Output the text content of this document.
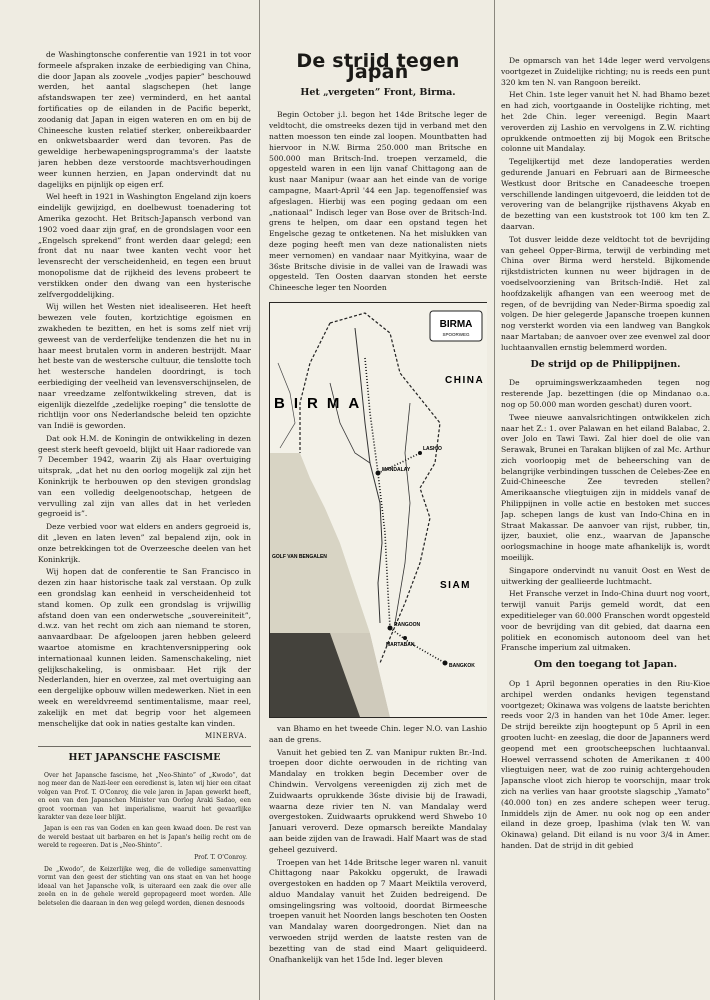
de Washingtonsche conferentie van 1921 in tot voor formeele afspraken inzake de eerbiediging van China, die door Japan als zoovele „vodjes papier” beschouwd werden, het aantal slagschepen (het lange afstandswapen ter zee) verminderd, en het aantal fortificaties op de eilanden in de Pacific beperkt, zoodanig dat Japan in eigen wateren en om en bij de Chineesche kusten relatief sterker, onbereikbaarder en onkwetsbaarder werd dan tevoren. Pas de geweldige herbewapeningsprogramma's der laatste jaren hebben deze verstoorde machtsverhoudingen weer kunnen herzien, en Japan ondervindt dat nu dagelijks en pijnlijk op eigen erf.

Wel heeft in 1921 in Washington Engeland zijn koers eindelijk gewijzigd, en doelbewust toenadering tot Amerika gezocht. Het Britsch-Japansch verbond van 1902 voed daar zijn graf, en de grondslagen voor een „Engelsch sprekend” front werden daar gelegd; een front dat nu naar twee kanten vecht voor het levensrecht der verscheidenheid, en tegen een bruut monopolisme dat de rijkheid des levens probeert te verstikken onder den dwang van een hysterische zelfvergoddelijking.

Wij willen het Westen niet idealiseeren. Het heeft bewezen vele fouten, kortzichtige egoismen en zwakheden te bezitten, en het is soms zelf niet vrij geweest van de verderfelijke tendenzen die het nu in haar meest brutalen vorm in anderen bestrijdt. Maar het beste van de westersche cultuur, die tenslotte toch het westersche handelen doordringt, is toch eerbiediging der veelheid van levensverschijnselen, de naar vreedzame zelfontwikkeling streven, dat is eigenlijk diezelfde „zedelijke roeping” die tenslotte de richtlijn voor ons Nederlandsche beleid ten opzichte van Indië is geworden.

Dat ook H.M. de Koningin de ontwikkeling in dezen geest sterk heeft gevoeld, blijkt uit Haar radiorede van 7 December 1942, waarin Zij als Haar overtuiging uitsprak, „dat het nu den oorlog mogelijk zal zijn het Koninkrijk te herbouwen op den stevigen grondslag van een volledig deelgenootschap, hetgeen de vervulling zal zijn van alles dat in het verleden gegroeid is”.

Deze verbied voor wat elders en anders gegroeid is, dit „leven en laten leven” zal bepalend zijn, ook in onze betrekkingen tot de Overzeesche deelen van het Koninkrijk.

Wij hopen dat de conferentie te San Francisco in dezen zin haar historische taak zal verstaan. Op zulk een grondslag kan eenheid in verscheidenheid tot stand komen. Op zulk een grondslag is vrijwillig afstand doen van een onderwetsche „souvereiniteit”, d.w.z. van het recht om zich aan niemand te storen, aanvaardbaar. De afgeloopen jaren hebben geleerd waartoe atomisme en krachtenversnippering ook internationaal kunnen leiden. Samenschakeling, niet gelijkschakeling, is onmisbaar. Het rijk der Nederlanden, hier en overzee, zal met overtuiging aan een dergelijke opbouw willen medewerken. Niet in een week en wereldvreemd sentimentalisme, maar reel, zakelijk en met dat begrip voor het algemeen menschelijke dat ook in naties gestalte kan vinden.

MINERVA.
HET JAPANSCHE FASCISME

Over het Japansche fascisme, het „Neo-Shinto” of „Kwodo”, dat nog meer dan de Nazi-leer een eeredienst is, laten wij hier een citaat volgen van Prof. T. O'Conroy, die vele jaren in Japan gewerkt heeft, en een van den Japanschen Minister van Oorlog Araki Sadao, een groot voorman van het imperialisme, waaruit het gevaarlijke karakter van deze leer blijkt.

Japan is een ras van Goden en kan geen kwaad doen. De rest van de wereld bestaat uit barbaren en het is Japan's heilig recht om de wereld te regeeren. Dat is „Neo-Shinto”.

Prof. T. O'Conroy.

De „Kwodo”, de Keizerlijke weg, die de volledige samenvatting vormt van den geest der stichting van ons staat en van het hooge ideaal van het Japansche volk, is uiteraard een zaak die over alle zeeën en in de gehele wereld gepropageerd moet worden. Alle beletselen die daaraan in den weg gelegd worden, dienen desnoods

De strijd tegen Japan
Het „vergeten” Front, Birma.

Begin October j.l. begon het 14de Britsche leger de veldtocht, die omstreeks dezen tijd in verband met den natten moesson ten einde zal loopen. Mountbatten had hiervoor in N.W. Birma 250.000 man Britsche en 500.000 man Britsch-Ind. troepen verzameld, die opgesteld waren in een lijn vanaf Chittagong aan de kust naar Manipur (waar aan het einde van de vorige campagne, Maart-April '44 een Jap. tegenoffensief was afgeslagen. Hierbij was een poging gedaan om een „nationaal” Indisch leger van Bose over de Britsch-Ind. grens te helpen, om daar een opstand tegen het Engelsche gezag te ontketenen. Na het mislukken van deze poging heeft men van deze nationalisten niets meer vernomen) en vandaar naar Myitkyina, waar de 36ste Britsche divisie in de vallei van de Irawadi was opgesteld. Ten Oosten daarvan stonden het eerste Chineesche leger ten Noorden

BIRMA
SPOORWEG
BIRMA
CHINA
SIAM
GOLF VAN BENGALEN
MANDALAY
RANGOON
BANGKOK
LASHIO
MARTABAN

van Bhamo en het tweede Chin. leger N.O. van Lashio aan de grens.

Vanuit het gebied ten Z. van Manipur rukten Br.-Ind. troepen door dichte oerwouden in de richting van Mandalay en trokken begin December over de Chindwin. Vervolgens vereenigden zij zich met de Zuidwaarts oprukkende 36ste divisie bij de Irawadi, waarna deze rivier ten N. van Mandalay werd overgestoken. Zuidwaarts oprukkend werd Shwebo 10 Januari veroverd. Deze opmarsch bereikte Mandalay aan beide zijden van de Irawadi. Half Maart was de stad geheel gezuiverd.

Troepen van het 14de Britsche leger waren nl. vanuit Chittagong naar Pakokku opgerukt, de Irawadi overgestoken en hadden op 7 Maart Meiktila veroverd, alduo Mandalay vanuit het Zuiden bedreigend. De omsingelingsring was voltooid, doordat Birmeesche troepen vanuit het Noorden langs beschoten ten Oosten van Mandalay waren doorgedrongen. Niet dan na verwoeden strijd werden de laatste resten van de bezetting van de stad eind Maart geliquideerd. Onafhankelijk van het 15de Ind. leger bleven

De opmarsch van het 14de leger werd vervolgens voortgezet in Zuidelijke richting; nu is reeds een punt 320 km ten N. van Rangoon bereikt.

Het Chin. 1ste leger vanuit het N. had Bhamo bezet en had zich, voortgaande in Oostelijke richting, met het 2de Chin. leger vereenigd. Begin Maart veroverden zij Lashio en vervolgens in Z.W. richting oprukkende ontmoetten zij bij Mogok een Britsche colonne uit Mandalay.

Tegelijkertijd met deze landoperaties werden gedurende Januari en Februari aan de Birmeesche Westkust door Britsche en Canadeesche troepen verschillende landingen uitgevoerd, die leidden tot de verovering van de belangrijke rijsthavens Akyab en de bezetting van een kuststrook tot 100 km ten Z. daarvan.

Tot dusver leidde deze veldtocht tot de bevrijding van geheel Opper-Birma, terwijl de verbinding met China over Birma werd hersteld. Bijkomende rijkstdistricten kunnen nu weer bijdragen in de voedselvoorziening van Britsch-Indië. Het zal hoofdzakelijk afhangen van een weeroog met de regen, of de bevrijding van Neder-Birma spoedig zal volgen. De hier gelegerde Japansche troepen kunnen nog versterkt worden via een landweg van Bangkok naar Martaban; de aanvoer over zee evenwel zal door luchtaanvallen ernstig belemmerd worden.

De strijd op de Philippijnen.

De opruimingswerkzaamheden tegen nog resterende Jap. bezettingen (die op Mindanao o.a. nog op 50.000 man worden geschat) duren voort.

Twee nieuwe aanvalsrichtingen ontwikkelen zich naar het Z.: 1. over Palawan en het eiland Balabac, 2. over Jolo en Tawi Tawi. Zal hier doel de olie van Serawak, Brunei en Tarakan blijken of zal Mc. Arthur zich voorloopig met de beheersching van de belangrijke verbindingen tusschen de Celebes-Zee en Zuid-Chineesche Zee tevreden stellen? Amerikaansche vliegtuigen zijn in middels vanaf de Philippijnen in volle actie en bestoken met succes Jap. schepen langs de kust van Indo-China en in Straat Makassar. De aanvoer van rijst, rubber, tin, ijzer, bauxiet, olie enz., waarvan de Japansche oorlogsmachine in hooge mate afhankelijk is, wordt moeilijk.

Singapore ondervindt nu vanuit Oost en West de uitwerking der geallieerde luchtmacht.

Het Fransche verzet in Indo-China duurt nog voort, terwijl vanuit Parijs gemeld wordt, dat een expeditieleger van 60.000 Franschen wordt opgesteld voor de bevrijding van dit gebied, dat daarna een politiek en economisch autonoom deel van het Fransche imperium zal uitmaken.

Om den toegang tot Japan.

Op 1 April begonnen operaties in den Riu-Kioe archipel werden ondanks hevigen tegenstand voortgezet; Okinawa was volgens de laatste berichten reeds voor 2/3 in handen van het 10de Amer. leger. De strijd bereikte zijn hoogtepunt op 5 April in een grooten lucht- en zeeslag, die door de Japanners werd geopend met een grootscheepschen luchtaanval. Hoewel verrassend schoten de Amerikanen ± 400 vliegtuigen neer, wat de zoo ruinig achtergehouden Japansche vloot zich hierop te voorschijn, maar trok zich na verlies van haar grootste slagschip „Yamato” (40.000 ton) en zes andere schepen weer terug. Inmiddels zijn de Amer. nu ook nog op een ander eiland in deze groep, Ipashima (vlak ten W. van Okinawa) geland. Dit eiland is nu voor 3/4 in Amer. handen. Dat de strijd in dit gebied
